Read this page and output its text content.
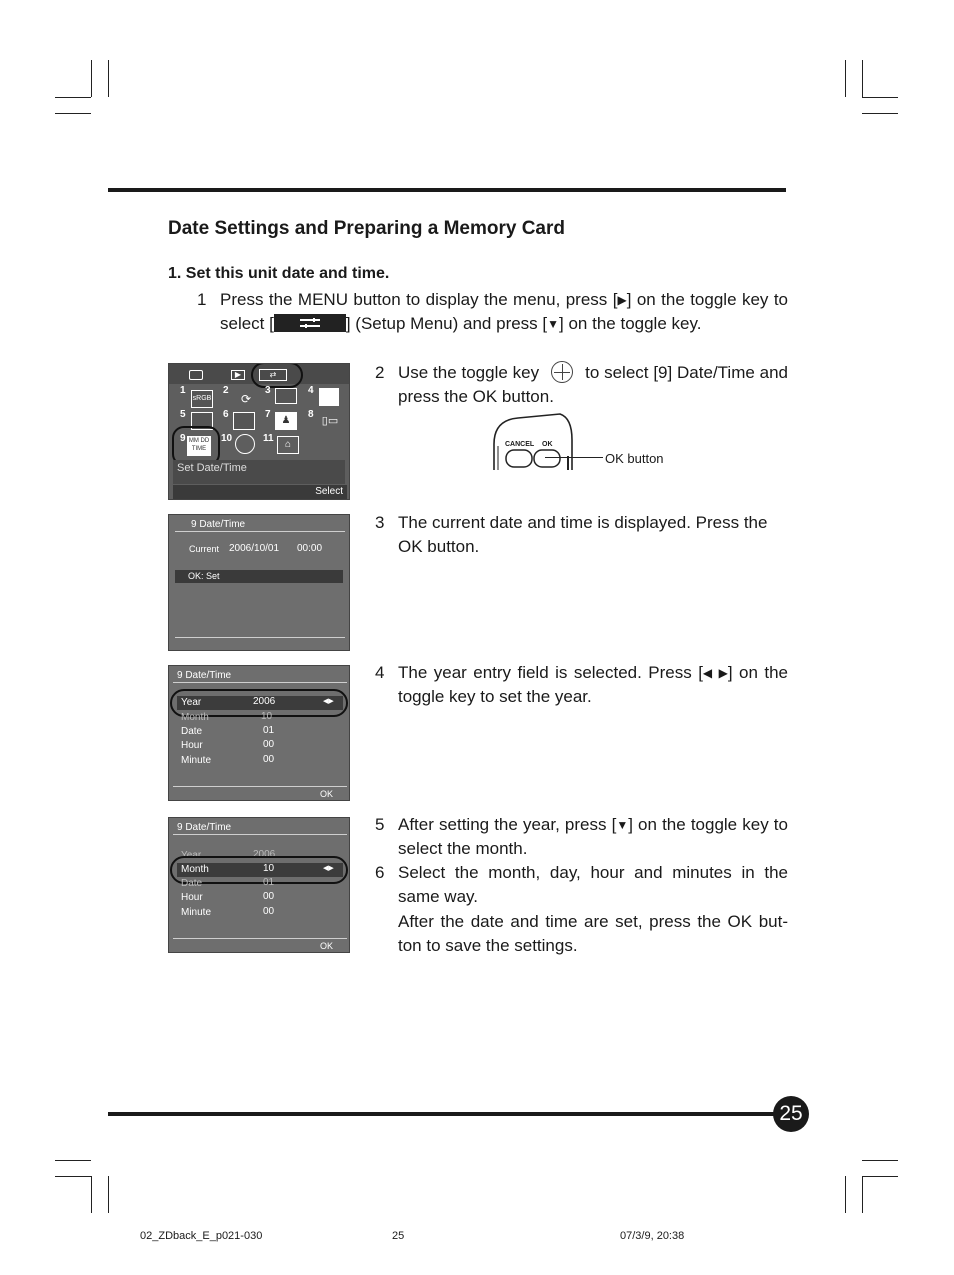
Date Settings and Preparing a Memory Card
1. Set this unit date and time.
1 Press the MENU button to display the menu, press [▶] on the toggle key to select [	] (Setup Menu) and press [▼] on the toggle key.
▶	⇄
1
sRGB
2
⟳
3	4
5	6	7
♟
8
▯▭
9 MM DD
TIME
10	11
⌂
Set Date/Time
Select
2 Use the toggle key	to select [9] Date/Time and press the OK button.
CANCEL OK
OK button
9 Date/Time
Current 2006/10/01 00:00
OK: Set
3 The current date and time is displayed. Press the OK button.
9 Date/Time
Year	2006	◀▶
Month	10
Date	01
Hour	00
Minute	00
OK
4 The year entry field is selected. Press [◀ ▶] on the toggle key to set the year.
9 Date/Time
Year	2006
Month	10	◀▶
Date	01
Hour	00
Minute	00
OK
5 After setting the year, press [▼] on the toggle key to select the month.
6 Select the month, day, hour and minutes in the same way.
After the date and time are set, press the OK but-ton to save the settings.
25
02_ZDback_E_p021-030	25	07/3/9, 20:38
